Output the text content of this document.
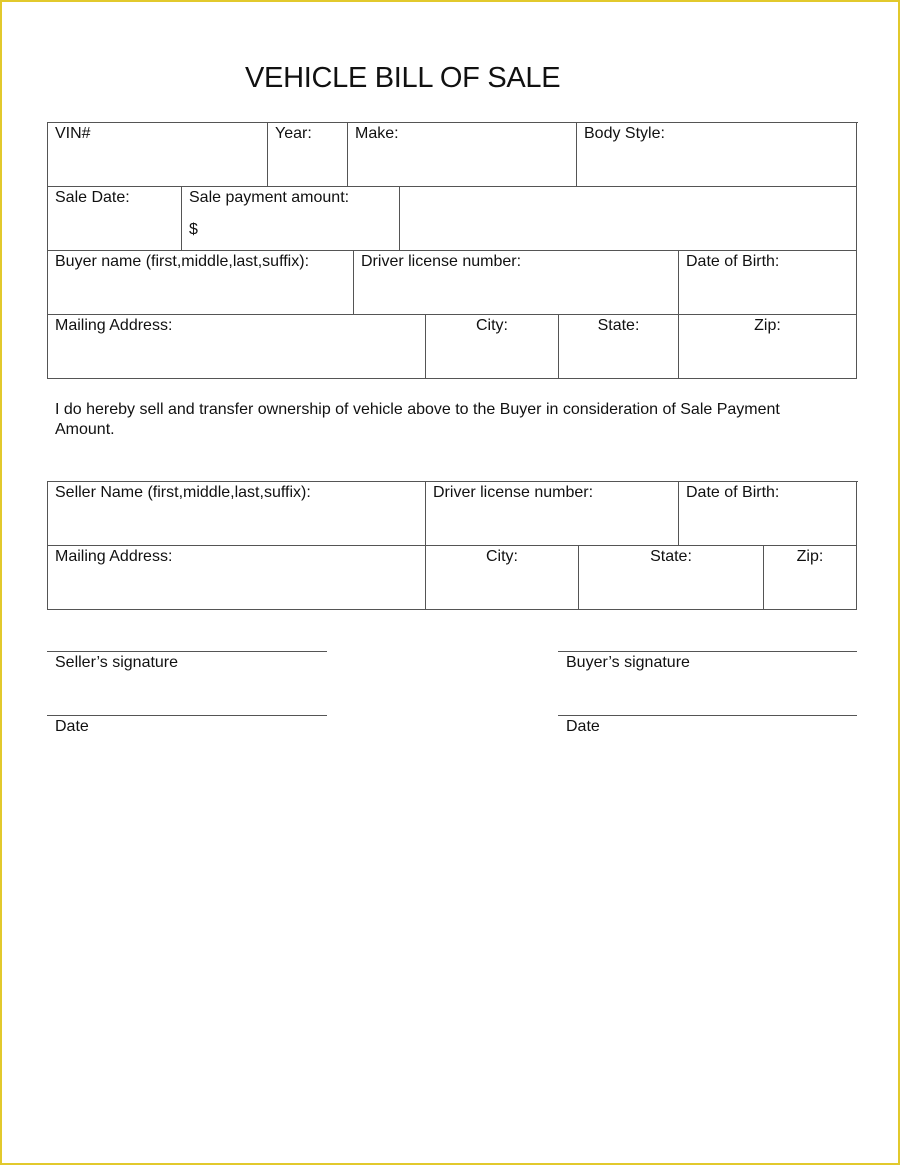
VEHICLE BILL OF SALE
VIN#	Year:	Make:	Body Style:
Sale Date:	Sale payment amount:
$
Buyer name (first,middle,last,suffix):	Driver license number:	Date of Birth:
Mailing Address:	City:	State:	Zip:
I do hereby sell and transfer ownership of vehicle above to the Buyer in consideration of Sale Payment Amount.
Seller Name (first,middle,last,suffix):	Driver license number:	Date of Birth:
Mailing Address:	City:	State:	Zip:
Seller’s signature	Buyer’s signature
Date	Date
